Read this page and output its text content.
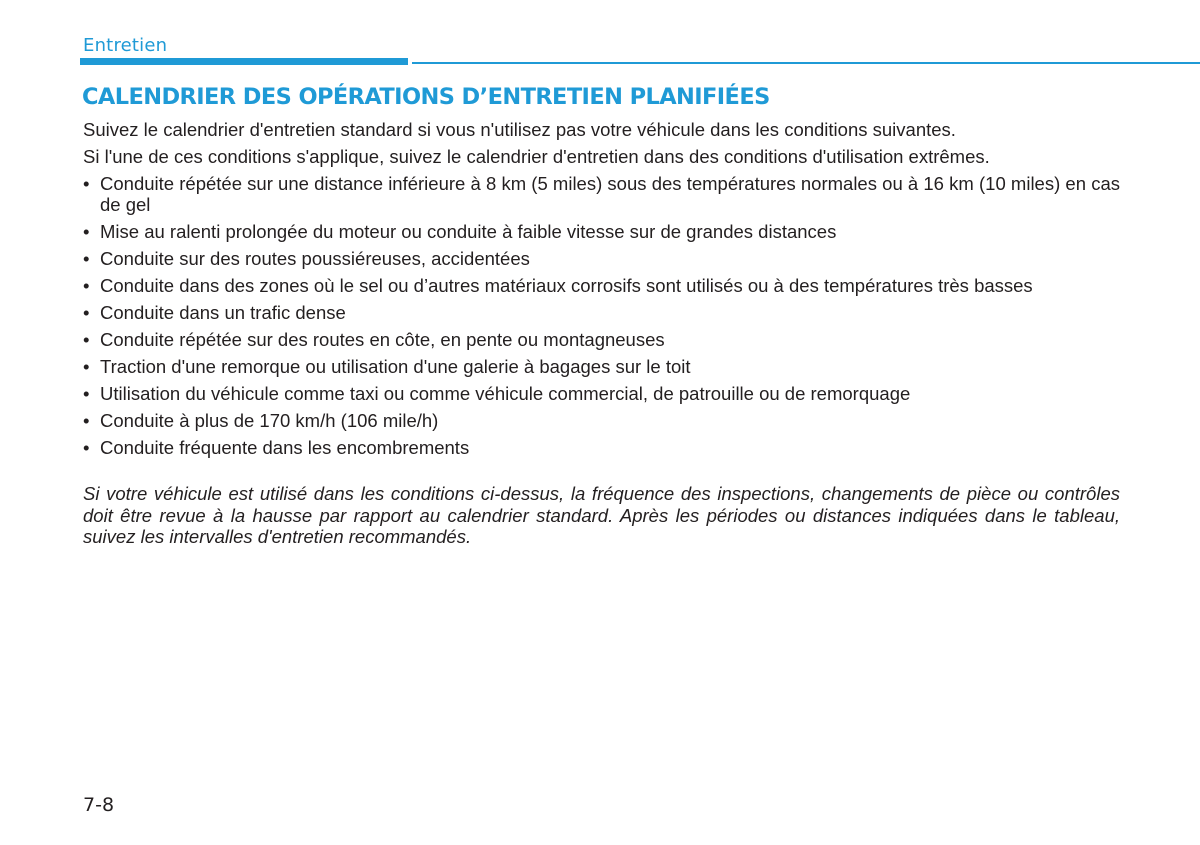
Entretien
CALENDRIER DES OPÉRATIONS D’ENTRETIEN PLANIFIÉES

Suivez le calendrier d'entretien standard si vous n'utilisez pas votre véhicule dans les conditions suivantes.

Si l'une de ces conditions s'applique, suivez le calendrier d'entretien dans des conditions d'utilisation extrêmes.

• Conduite répétée sur une distance inférieure à 8 km (5 miles) sous des températures normales ou à 16 km (10 miles) en cas de gel
• Mise au ralenti prolongée du moteur ou conduite à faible vitesse sur de grandes distances
• Conduite sur des routes poussiéreuses, accidentées
• Conduite dans des zones où le sel ou d’autres matériaux corrosifs sont utilisés ou à des températures très basses
• Conduite dans un trafic dense
• Conduite répétée sur des routes en côte, en pente ou montagneuses
• Traction d'une remorque ou utilisation d'une galerie à bagages sur le toit
• Utilisation du véhicule comme taxi ou comme véhicule commercial, de patrouille ou de remorquage
• Conduite à plus de 170 km/h (106 mile/h)
• Conduite fréquente dans les encombrements

Si votre véhicule est utilisé dans les conditions ci-dessus, la fréquence des inspections, changements de pièce ou contrôles doit être revue à la hausse par rapport au calendrier standard. Après les périodes ou distances indiquées dans le tableau, suivez les intervalles d'entretien recommandés.

7-8
